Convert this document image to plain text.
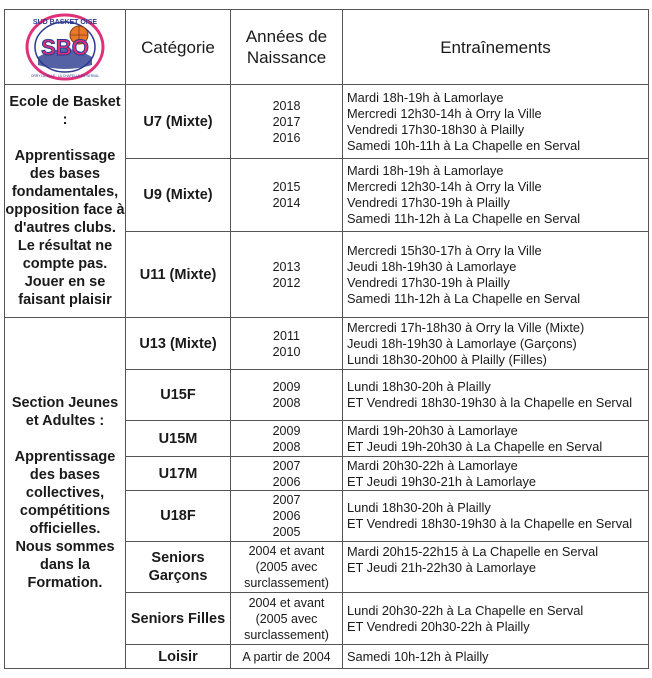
SBO
SUD BASKET OISE
ORRY LA VILLE · LA CHAPELLE EN SERVAL	Catégorie	Années de Naissance	Entraînements

Ecole de Basket :
Apprentissage des bases fondamentales, opposition face à d'autres clubs.
Le résultat ne compte pas.
Jouer en se faisant plaisir	U7 (Mixte)	2018
2017
2016	Mardi 18h-19h à Lamorlaye
Mercredi 12h30-14h à Orry la Ville
Vendredi 17h30-18h30 à Plailly
Samedi 10h-11h à La Chapelle en Serval

	U9 (Mixte)	2015
2014	Mardi 18h-19h à Lamorlaye
Mercredi 12h30-14h à Orry la Ville
Vendredi 17h30-19h à Plailly
Samedi 11h-12h à La Chapelle en Serval

	U11 (Mixte)	2013
2012	Mercredi 15h30-17h à Orry la Ville
Jeudi 18h-19h30 à Lamorlaye
Vendredi 17h30-19h à Plailly
Samedi 11h-12h à La Chapelle en Serval

Section Jeunes et Adultes :
Apprentissage des bases collectives, compétitions officielles.
Nous sommes dans la Formation.	U13 (Mixte)	2011
2010	Mercredi 17h-18h30 à Orry la Ville (Mixte)
Jeudi 18h-19h30 à Lamorlaye (Garçons)
Lundi 18h30-20h00 à Plailly (Filles)

	U15F	2009
2008	Lundi 18h30-20h à Plailly
ET Vendredi 18h30-19h30 à la Chapelle en Serval

	U15M	2009
2008	Mardi 19h-20h30 à Lamorlaye
ET Jeudi 19h-20h30 à La Chapelle en Serval

	U17M	2007
2006	Mardi 20h30-22h à Lamorlaye
ET Jeudi 19h30-21h à Lamorlaye

	U18F	2007
2006
2005	Lundi 18h30-20h à Plailly
ET Vendredi 18h30-19h30 à la Chapelle en Serval

	Seniors Garçons	2004 et avant (2005 avec surclassement)	Mardi 20h15-22h15 à La Chapelle en Serval
ET Jeudi 21h-22h30 à Lamorlaye

	Seniors Filles	2004 et avant (2005 avec surclassement)	Lundi 20h30-22h à La Chapelle en Serval
ET Vendredi 20h30-22h à Plailly

	Loisir	A partir de 2004	Samedi 10h-12h à Plailly
